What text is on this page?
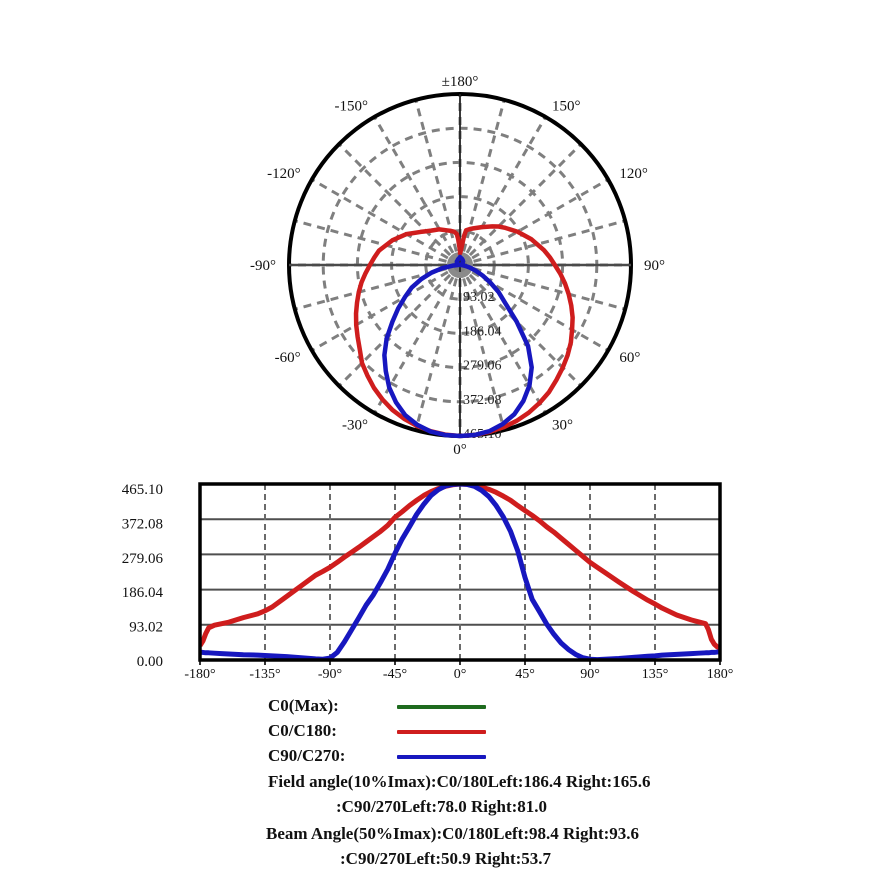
93.02
186.04
279.06
372.08
465.10
±180°
150°
120°
90°
60°
30°
0°
-30°
-60°
-90°
-120°
-150°
465.10
372.08
279.06
186.04
93.02
0.00
-180° -135°	-90°	-45°	0°	45°	90°	135°	180°
C0(Max):
C0/C180:
C90/C270:
Field angle(10%Imax):C0/180Left:186.4 Right:165.6
:C90/270Left:78.0 Right:81.0
Beam Angle(50%Imax):C0/180Left:98.4 Right:93.6
:C90/270Left:50.9 Right:53.7
